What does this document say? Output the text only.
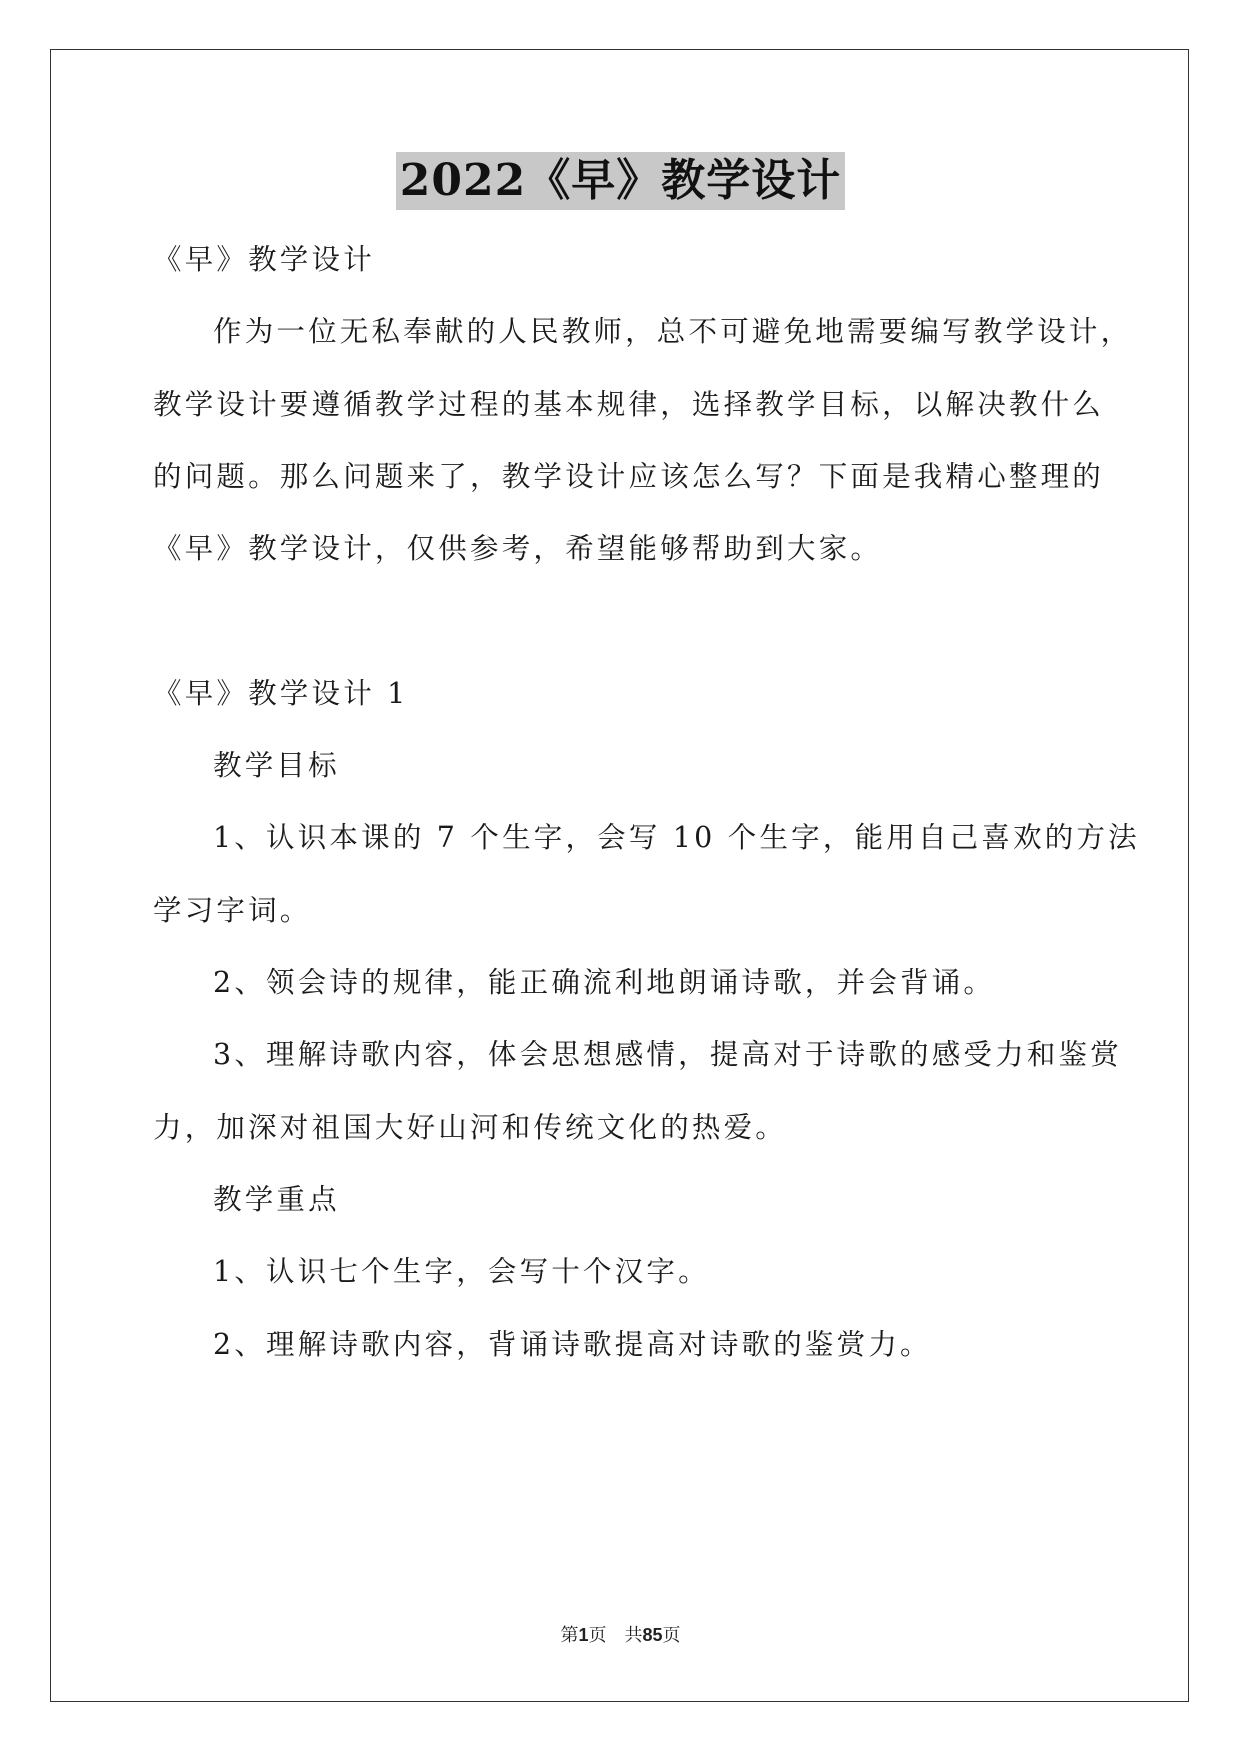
2022《早》教学设计
《早》教学设计
作为一位无私奉献的人民教师，总不可避免地需要编写教学设计，
教学设计要遵循教学过程的基本规律，选择教学目标，以解决教什么
的问题。那么问题来了，教学设计应该怎么写？下面是我精心整理的
《早》教学设计，仅供参考，希望能够帮助到大家。
《早》教学设计 1
教学目标
1、认识本课的 7 个生字，会写 10 个生字，能用自己喜欢的方法
学习字词。
2、领会诗的规律，能正确流利地朗诵诗歌，并会背诵。
3、理解诗歌内容，体会思想感情，提高对于诗歌的感受力和鉴赏
力，加深对祖国大好山河和传统文化的热爱。
教学重点
1、认识七个生字，会写十个汉字。
2、理解诗歌内容，背诵诗歌提高对诗歌的鉴赏力。
第1页 共85页
